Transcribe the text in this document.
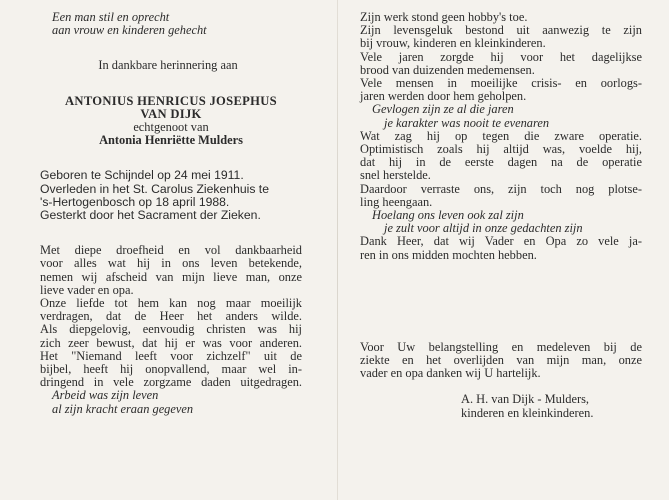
Een man stil en oprecht
aan vrouw en kinderen gehecht
In dankbare herinnering aan
ANTONIUS HENRICUS JOSEPHUS
VAN DIJK
echtgenoot van
Antonia Henriëtte Mulders
Geboren te Schijndel op 24 mei 1911.
Overleden in het St. Carolus Ziekenhuis te
's-Hertogenbosch op 18 april 1988.
Gesterkt door het Sacrament der Zieken.
Met diepe droefheid en vol dankbaarheid
voor alles wat hij in ons leven betekende,
nemen wij afscheid van mijn lieve man, onze
lieve vader en opa.
Onze liefde tot hem kan nog maar moeilijk
verdragen, dat de Heer het anders wilde.
Als diepgelovig, eenvoudig christen was hij
zich zeer bewust, dat hij er was voor anderen.
Het "Niemand leeft voor zichzelf" uit de
bijbel, heeft hij onopvallend, maar wel in-
dringend in vele zorgzame daden uitgedragen.
Arbeid was zijn leven
al zijn kracht eraan gegeven
Zijn werk stond geen hobby's toe.
Zijn levensgeluk bestond uit aanwezig te zijn
bij vrouw, kinderen en kleinkinderen.
Vele jaren zorgde hij voor het dagelijkse
brood van duizenden medemensen.
Vele mensen in moeilijke crisis- en oorlogs-
jaren werden door hem geholpen.
Gevlogen zijn ze al die jaren
je karakter was nooit te evenaren
Wat zag hij op tegen die zware operatie.
Optimistisch zoals hij altijd was, voelde hij,
dat hij in de eerste dagen na de operatie
snel herstelde.
Daardoor verraste ons, zijn toch nog plotse-
ling heengaan.
Hoelang ons leven ook zal zijn
je zult voor altijd in onze gedachten zijn
Dank Heer, dat wij Vader en Opa zo vele ja-
ren in ons midden mochten hebben.
Voor Uw belangstelling en medeleven bij de
ziekte en het overlijden van mijn man, onze
vader en opa danken wij U hartelijk.
A. H. van Dijk - Mulders,
kinderen en kleinkinderen.
